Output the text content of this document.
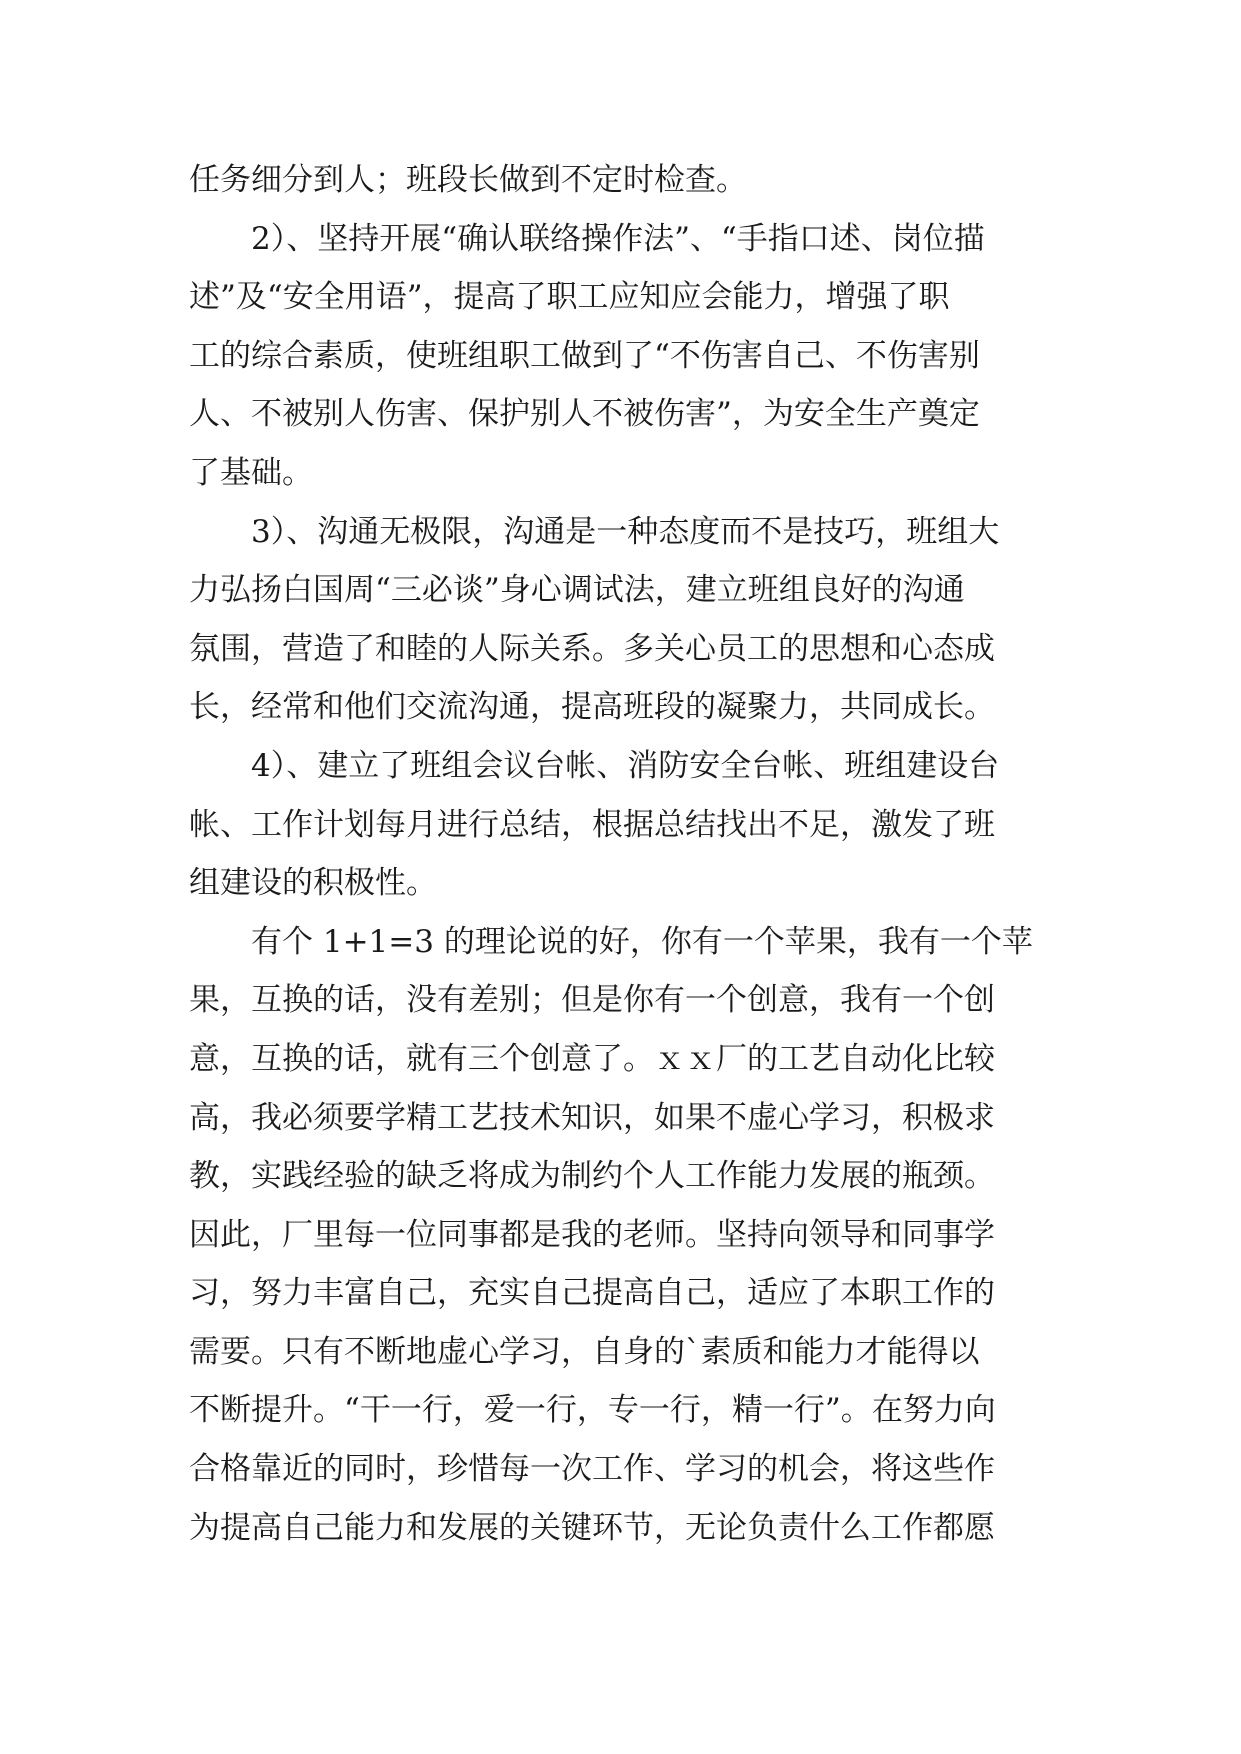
任务细分到人；班段长做到不定时检查。
2）、坚持开展“确认联络操作法”、“手指口述、岗位描
述”及“安全用语”，提高了职工应知应会能力，增强了职
工的综合素质，使班组职工做到了“不伤害自己、不伤害别
人、不被别人伤害、保护别人不被伤害”，为安全生产奠定
了基础。
3）、沟通无极限，沟通是一种态度而不是技巧，班组大
力弘扬白国周“三必谈”身心调试法，建立班组良好的沟通
氛围，营造了和睦的人际关系。多关心员工的思想和心态成
长，经常和他们交流沟通，提高班段的凝聚力，共同成长。
4）、建立了班组会议台帐、消防安全台帐、班组建设台
帐、工作计划每月进行总结，根据总结找出不足，激发了班
组建设的积极性。
有个 1+1=3 的理论说的好，你有一个苹果，我有一个苹
果，互换的话，没有差别；但是你有一个创意，我有一个创
意，互换的话，就有三个创意了。ｘｘ厂的工艺自动化比较
高，我必须要学精工艺技术知识，如果不虚心学习，积极求
教，实践经验的缺乏将成为制约个人工作能力发展的瓶颈。
因此，厂里每一位同事都是我的老师。坚持向领导和同事学
习，努力丰富自己，充实自己提高自己，适应了本职工作的
需要。只有不断地虚心学习，自身的`素质和能力才能得以
不断提升。“干一行，爱一行，专一行，精一行”。在努力向
合格靠近的同时，珍惜每一次工作、学习的机会，将这些作
为提高自己能力和发展的关键环节，无论负责什么工作都愿
